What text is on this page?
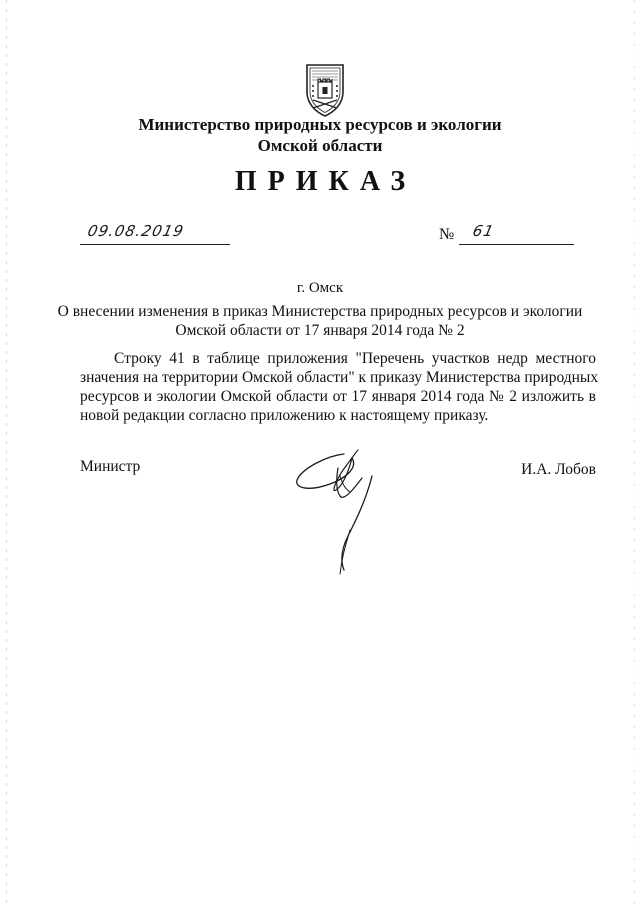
Министерство природных ресурсов и экологии
Омской области
ПРИКАЗ
09.08.2019	№ 61
г. Омск
О внесении изменения в приказ Министерства природных ресурсов и экологии
Омской области от 17 января 2014 года № 2
Строку 41 в таблице приложения "Перечень участков недр местного
значения на территории Омской области" к приказу Министерства природных
ресурсов и экологии Омской области от 17 января 2014 года № 2 изложить в
новой редакции согласно приложению к настоящему приказу.
Министр	И.А. Лобов
